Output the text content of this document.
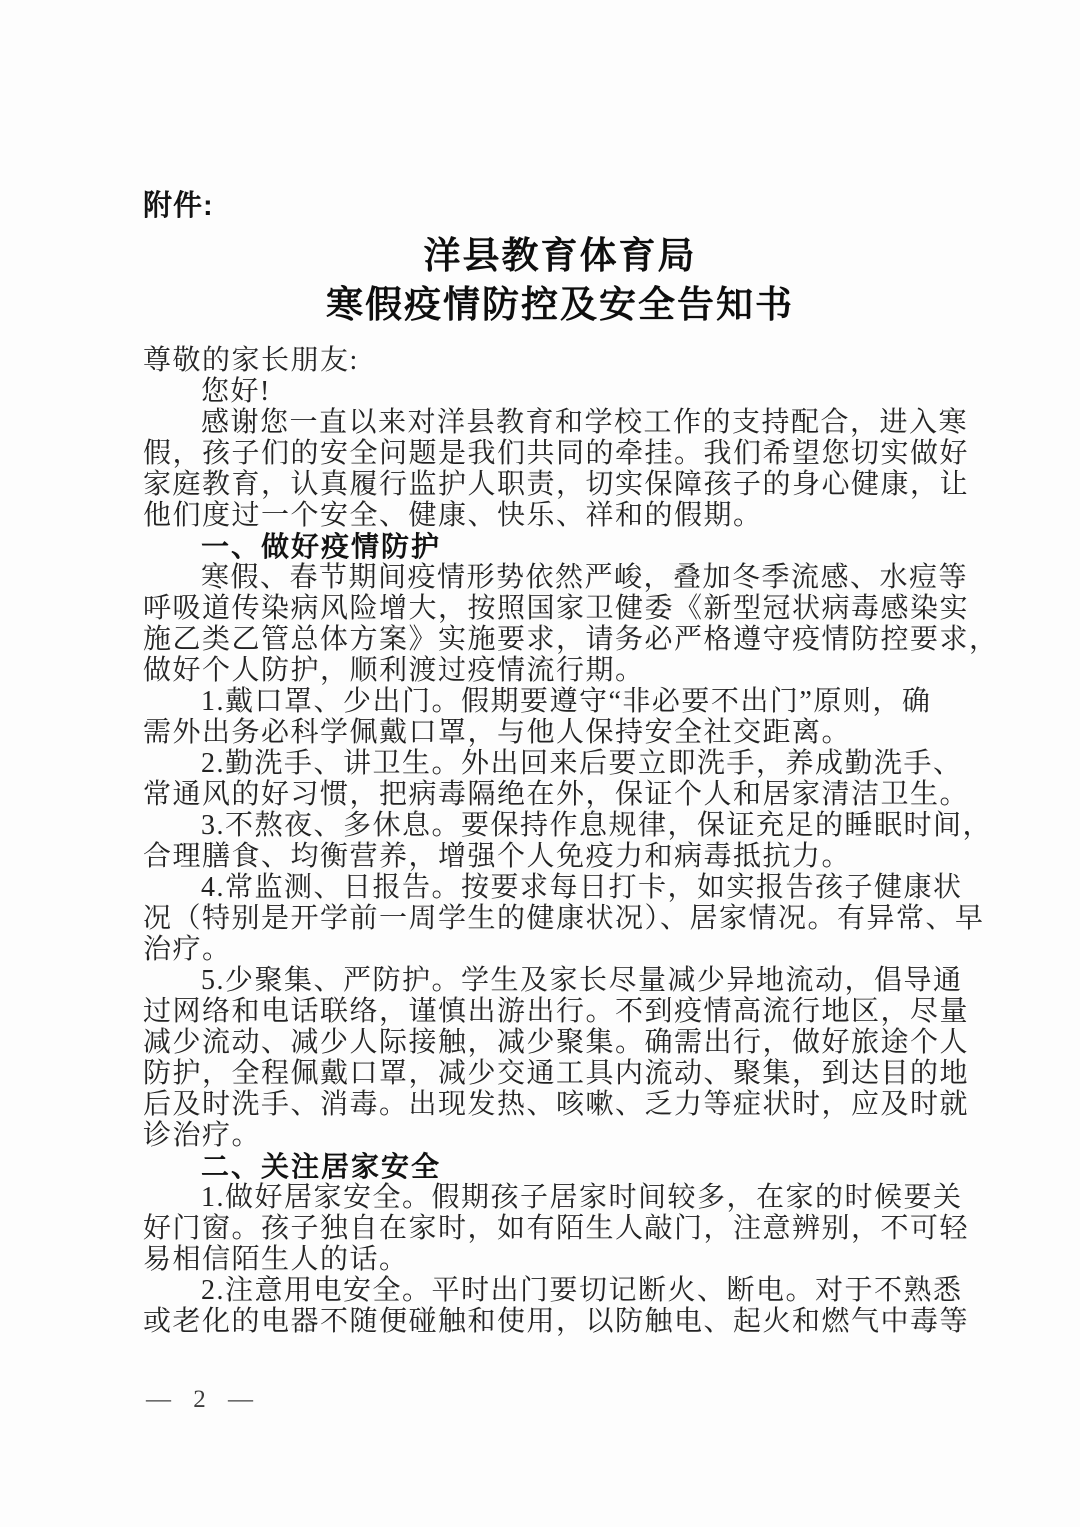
附件:
洋县教育体育局
寒假疫情防控及安全告知书
尊敬的家长朋友:
您好!
感谢您一直以来对洋县教育和学校工作的支持配合，进入寒
假，孩子们的安全问题是我们共同的牵挂。我们希望您切实做好
家庭教育，认真履行监护人职责，切实保障孩子的身心健康，让
他们度过一个安全、健康、快乐、祥和的假期。
一、做好疫情防护
寒假、春节期间疫情形势依然严峻，叠加冬季流感、水痘等
呼吸道传染病风险增大，按照国家卫健委《新型冠状病毒感染实
施乙类乙管总体方案》实施要求，请务必严格遵守疫情防控要求，
做好个人防护，顺利渡过疫情流行期。
1.戴口罩、少出门。假期要遵守“非必要不出门”原则，确
需外出务必科学佩戴口罩，与他人保持安全社交距离。
2.勤洗手、讲卫生。外出回来后要立即洗手，养成勤洗手、
常通风的好习惯，把病毒隔绝在外，保证个人和居家清洁卫生。
3.不熬夜、多休息。要保持作息规律，保证充足的睡眠时间，
合理膳食、均衡营养，增强个人免疫力和病毒抵抗力。
4.常监测、日报告。按要求每日打卡，如实报告孩子健康状
况（特别是开学前一周学生的健康状况）、居家情况。有异常、早
治疗。
5.少聚集、严防护。学生及家长尽量减少异地流动，倡导通
过网络和电话联络，谨慎出游出行。不到疫情高流行地区，尽量
减少流动、减少人际接触，减少聚集。确需出行，做好旅途个人
防护，全程佩戴口罩，减少交通工具内流动、聚集，到达目的地
后及时洗手、消毒。出现发热、咳嗽、乏力等症状时，应及时就
诊治疗。
二、关注居家安全
1.做好居家安全。假期孩子居家时间较多，在家的时候要关
好门窗。孩子独自在家时，如有陌生人敲门，注意辨别，不可轻
易相信陌生人的话。
2.注意用电安全。平时出门要切记断火、断电。对于不熟悉
或老化的电器不随便碰触和使用，以防触电、起火和燃气中毒等
— 2 —
